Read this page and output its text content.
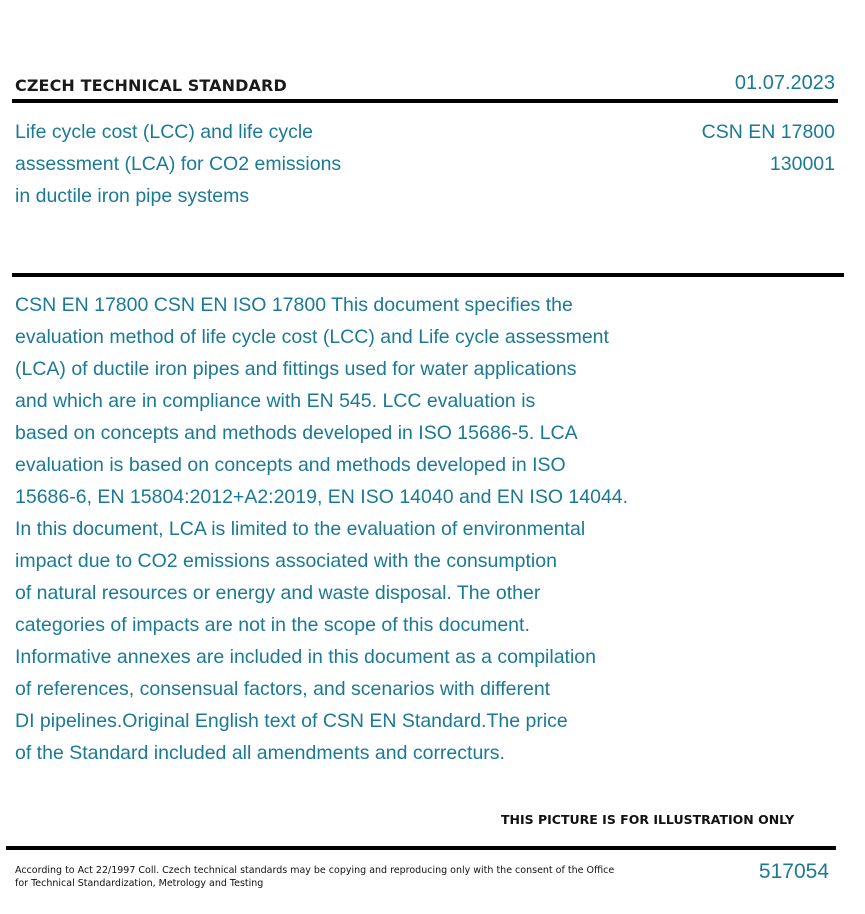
CZECH TECHNICAL STANDARD	01.07.2023
Life cycle cost (LCC) and life cycle
assessment (LCA) for CO2 emissions
in ductile iron pipe systems
CSN EN 17800
130001
CSN EN 17800 CSN EN ISO 17800 This document specifies the
evaluation method of life cycle cost (LCC) and Life cycle assessment
(LCA) of ductile iron pipes and fittings used for water applications
and which are in compliance with EN 545. LCC evaluation is
based on concepts and methods developed in ISO 15686-5. LCA
evaluation is based on concepts and methods developed in ISO
15686-6, EN 15804:2012+A2:2019, EN ISO 14040 and EN ISO 14044.
In this document, LCA is limited to the evaluation of environmental
impact due to CO2 emissions associated with the consumption
of natural resources or energy and waste disposal. The other
categories of impacts are not in the scope of this document.
Informative annexes are included in this document as a compilation
of references, consensual factors, and scenarios with different
DI pipelines.Original English text of CSN EN Standard.The price
of the Standard included all amendments and correcturs.
THIS PICTURE IS FOR ILLUSTRATION ONLY
According to Act 22/1997 Coll. Czech technical standards may be copying and reproducing only with the consent of the Office
for Technical Standardization, Metrology and Testing
517054
